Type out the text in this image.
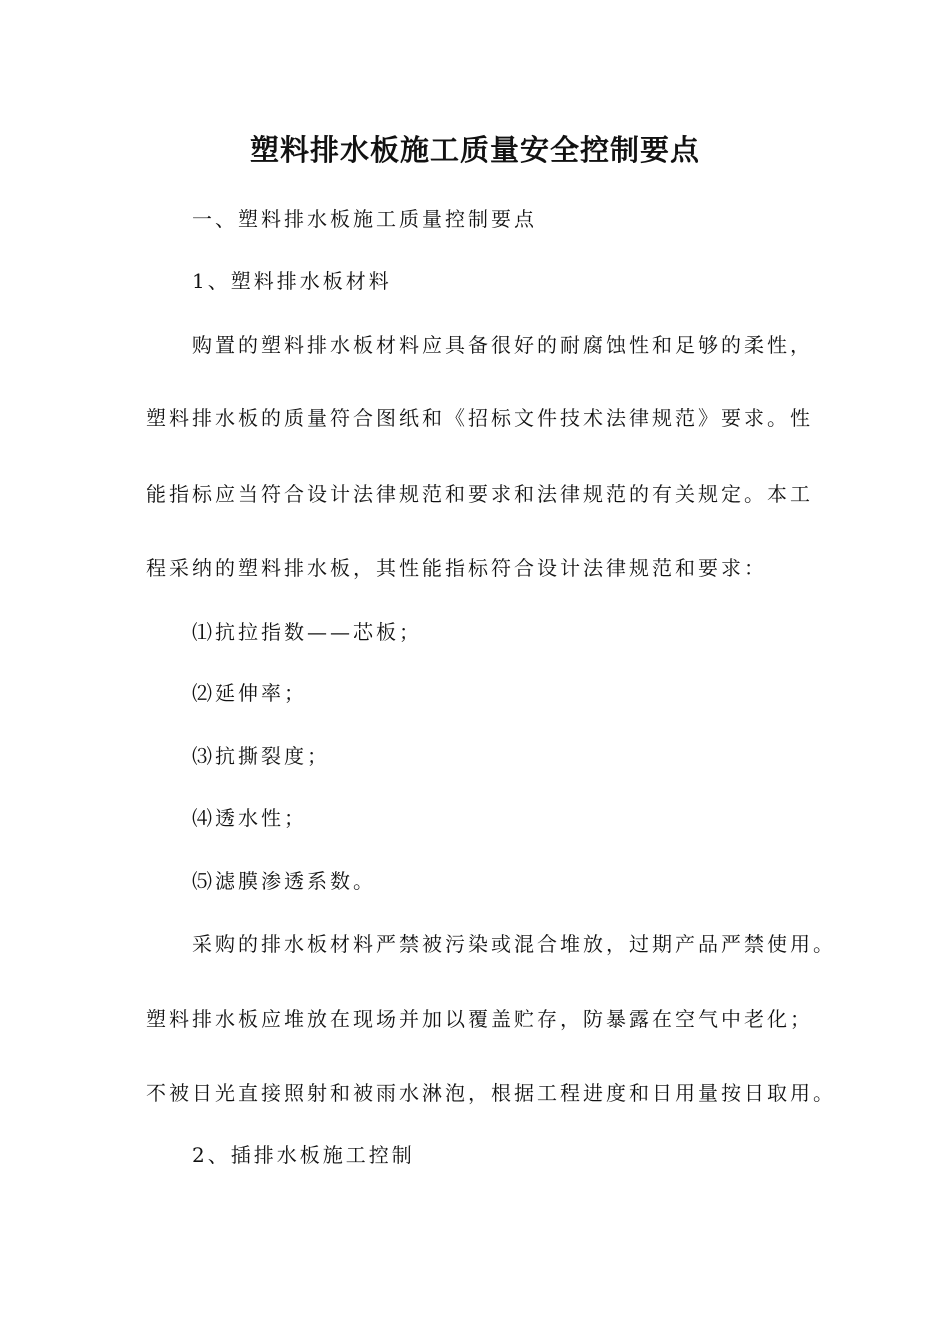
塑料排水板施工质量安全控制要点
一、塑料排水板施工质量控制要点
1、塑料排水板材料
购置的塑料排水板材料应具备很好的耐腐蚀性和足够的柔性，
塑料排水板的质量符合图纸和《招标文件技术法律规范》要求。性
能指标应当符合设计法律规范和要求和法律规范的有关规定。本工
程采纳的塑料排水板，其性能指标符合设计法律规范和要求：
⑴抗拉指数——芯板；
⑵延伸率；
⑶抗撕裂度；
⑷透水性；
⑸滤膜渗透系数。
采购的排水板材料严禁被污染或混合堆放，过期产品严禁使用。
塑料排水板应堆放在现场并加以覆盖贮存，防暴露在空气中老化；
不被日光直接照射和被雨水淋泡，根据工程进度和日用量按日取用。
2、插排水板施工控制
